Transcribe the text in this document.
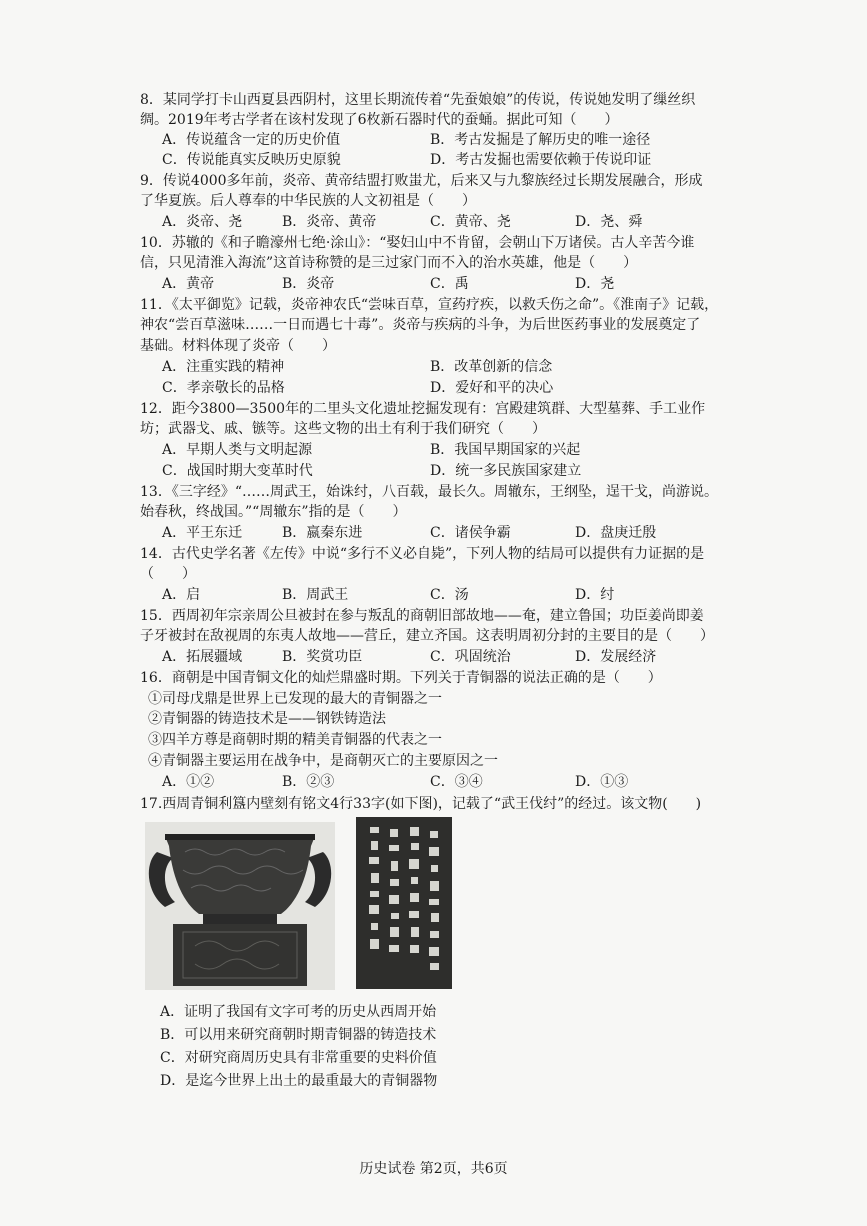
8．某同学打卡山西夏县西阴村，这里长期流传着“先蚕娘娘”的传说，传说她发明了缫丝织
绸。2019年考古学者在该村发现了6枚新石器时代的蚕蛹。据此可知（　　）
A．传说蕴含一定的历史价值	B．考古发掘是了解历史的唯一途径
C．传说能真实反映历史原貌	D．考古发掘也需要依赖于传说印证
9．传说4000多年前，炎帝、黄帝结盟打败蚩尤，后来又与九黎族经过长期发展融合，形成
了华夏族。后人尊奉的中华民族的人文初祖是（　　）
A．炎帝、尧	B．炎帝、黄帝	C．黄帝、尧	D．尧、舜
10．苏辙的《和子瞻濠州七绝·涂山》：“娶妇山中不肯留，会朝山下万诸侯。古人辛苦今谁
信，只见清淮入海流”这首诗称赞的是三过家门而不入的治水英雄，他是（　　）
A．黄帝	B．炎帝	C．禹	D．尧
11．《太平御览》记载，炎帝神农氏“尝味百草，宣药疗疾，以救夭伤之命”。《淮南子》记载，
神农“尝百草滋味……一日而遇七十毒”。炎帝与疾病的斗争，为后世医药事业的发展奠定了
基础。材料体现了炎帝（　　）
A．注重实践的精神	B．改革创新的信念
C．孝亲敬长的品格	D．爱好和平的决心
12．距今3800—3500年的二里头文化遗址挖掘发现有：宫殿建筑群、大型墓葬、手工业作
坊；武器戈、戚、镞等。这些文物的出土有利于我们研究（　　）
A．早期人类与文明起源	B．我国早期国家的兴起
C．战国时期大变革时代	D．统一多民族国家建立
13．《三字经》“……周武王，始诛纣，八百载，最长久。周辙东，王纲坠，逞干戈，尚游说。
始春秋，终战国。”“周辙东”指的是（　　）
A．平王东迁	B．嬴秦东进	C．诸侯争霸	D．盘庚迁殷
14．古代史学名著《左传》中说“多行不义必自毙”，下列人物的结局可以提供有力证据的是
（　　）
A．启	B．周武王	C．汤	D．纣
15．西周初年宗亲周公旦被封在参与叛乱的商朝旧部故地——奄，建立鲁国；功臣姜尚即姜
子牙被封在敌视周的东夷人故地——营丘，建立齐国。这表明周初分封的主要目的是（　　）
A．拓展疆域	B．奖赏功臣	C．巩固统治	D．发展经济
16．商朝是中国青铜文化的灿烂鼎盛时期。下列关于青铜器的说法正确的是（　　）
①司母戊鼎是世界上已发现的最大的青铜器之一
②青铜器的铸造技术是——钢铁铸造法
③四羊方尊是商朝时期的精美青铜器的代表之一
④青铜器主要运用在战争中，是商朝灭亡的主要原因之一
A．①②	B．②③	C．③④	D．①③
17.西周青铜利簋内壁刻有铭文4行33字(如下图)，记载了“武王伐纣”的经过。该文物(　　)
A．证明了我国有文字可考的历史从西周开始
B．可以用来研究商朝时期青铜器的铸造技术
C．对研究商周历史具有非常重要的史料价值
D．是迄今世界上出土的最重最大的青铜器物
历史试卷 第2页，共6页
